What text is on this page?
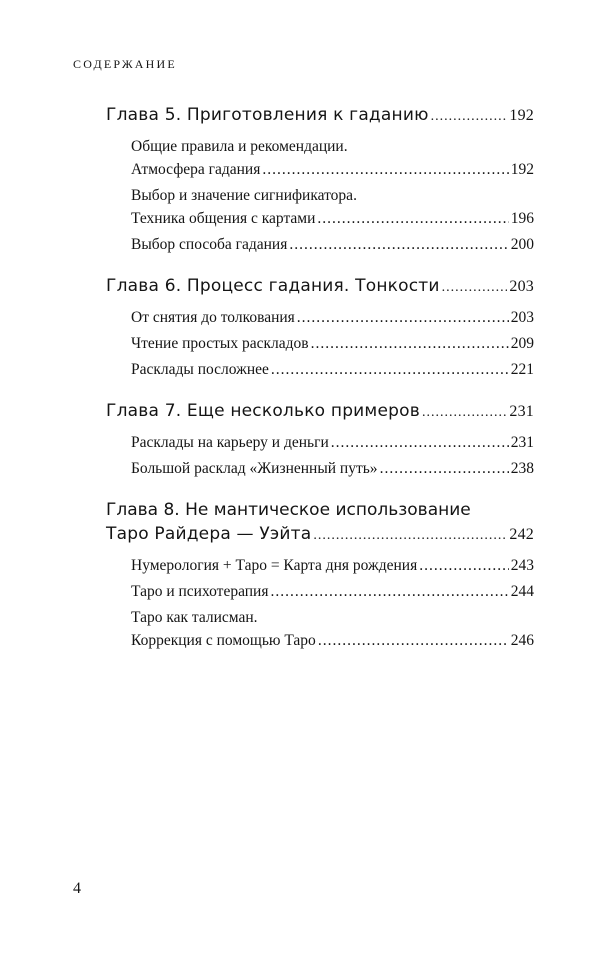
СОДЕРЖАНИЕ
Глава 5. Приготовления к гаданию .....	192
Общие правила и рекомендации.
Атмосфера гадания .....	192
Выбор и значение сигнификатора.
Техника общения с картами .....	196
Выбор способа гадания .....	200
Глава 6. Процесс гадания. Тонкости .....	203
От снятия до толкования .....	203
Чтение простых раскладов .....	209
Расклады посложнее .....	221
Глава 7. Еще несколько примеров .....	231
Расклады на карьеру и деньги .....	231
Большой расклад «Жизненный путь» .....	238
Глава 8. Не мантическое использование
Таро Райдера — Уэйта .....	242
Нумерология + Таро = Карта дня рождения .....	243
Таро и психотерапия .....	244
Таро как талисман.
Коррекция с помощью Таро .....	246
4
